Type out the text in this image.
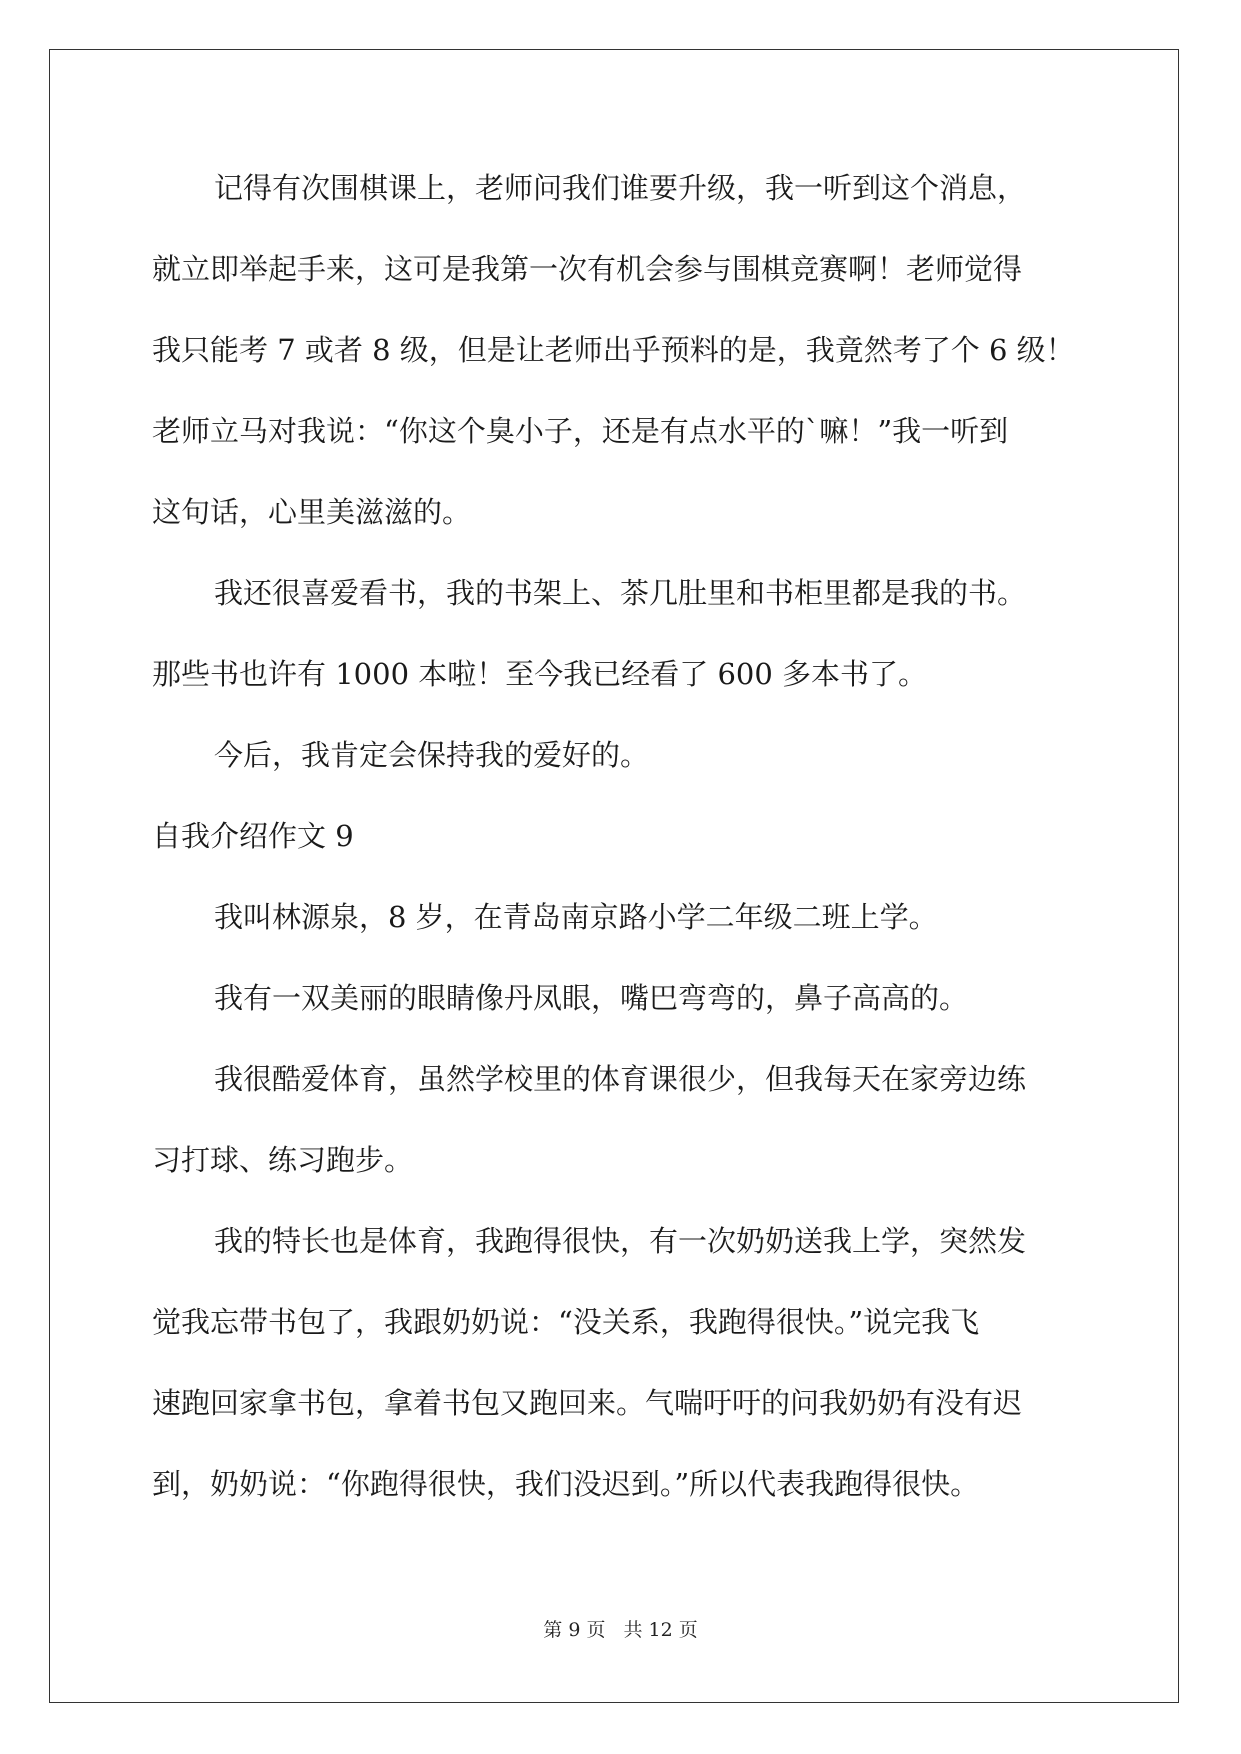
记得有次围棋课上，老师问我们谁要升级，我一听到这个消息，

就立即举起手来，这可是我第一次有机会参与围棋竞赛啊！老师觉得

我只能考 7 或者 8 级，但是让老师出乎预料的是，我竟然考了个 6 级！

老师立马对我说：“你这个臭小子，还是有点水平的`嘛！”我一听到

这句话，心里美滋滋的。

我还很喜爱看书，我的书架上、茶几肚里和书柜里都是我的书。

那些书也许有 1000 本啦！至今我已经看了 600 多本书了。

今后，我肯定会保持我的爱好的。

自我介绍作文 9

我叫林源泉，8 岁，在青岛南京路小学二年级二班上学。

我有一双美丽的眼睛像丹凤眼，嘴巴弯弯的，鼻子高高的。

我很酷爱体育，虽然学校里的体育课很少，但我每天在家旁边练

习打球、练习跑步。

我的特长也是体育，我跑得很快，有一次奶奶送我上学，突然发

觉我忘带书包了，我跟奶奶说：“没关系，我跑得很快。”说完我飞

速跑回家拿书包，拿着书包又跑回来。气喘吁吁的问我奶奶有没有迟

到，奶奶说：“你跑得很快，我们没迟到。”所以代表我跑得很快。

第 9 页 共 12 页
